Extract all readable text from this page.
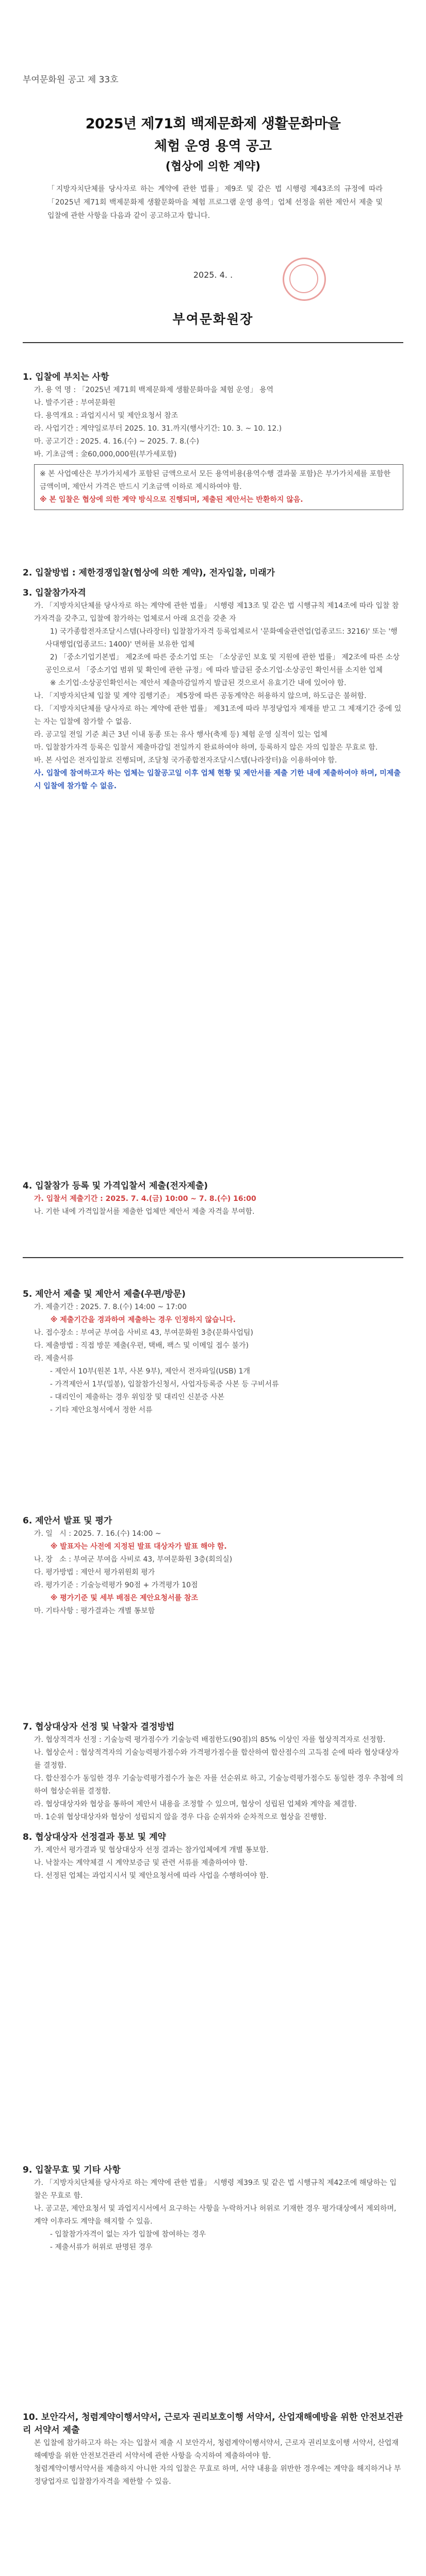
부여문화원 공고 제 33호
2025년 제71회 백제문화제 생활문화마을
체험 운영 용역 공고
(협상에 의한 계약)
「지방자치단체를 당사자로 하는 계약에 관한 법률」제9조 및 같은 법 시행령 제43조의 규정에 따라 「2025년 제71회 백제문화제 생활문화마을 체험 프로그램 운영 용역」업체 선정을 위한 제안서 제출 및 입찰에 관한 사항을 다음과 같이 공고하고자 합니다.
2025. 4. .
부여문화원장

1. 입찰에 부치는 사항

가. 용 역 명 : 「2025년 제71회 백제문화제 생활문화마을 체험 운영」 용역

나. 발주기관 : 부여문화원

다. 용역개요 : 과업지시서 및 제안요청서 참조

라. 사업기간 : 계약일로부터 2025. 10. 31.까지(행사기간: 10. 3. ~ 10. 12.)

마. 공고기간 : 2025. 4. 16.(수) ~ 2025. 7. 8.(수)

바. 기초금액 : 金60,000,000원(부가세포함)

※ 본 사업예산은 부가가치세가 포함된 금액으로서 모든 용역비용(용역수행 결과물 포함)은 부가가치세를 포함한 금액이며, 제안서 가격은 반드시 기초금액 이하로 제시하여야 함.

※ 본 입찰은 협상에 의한 계약 방식으로 진행되며, 제출된 제안서는 반환하지 않음.

2. 입찰방법 : 제한경쟁입찰(협상에 의한 계약), 전자입찰, 미래가

3. 입찰참가자격

가. 「지방자치단체를 당사자로 하는 계약에 관한 법률」 시행령 제13조 및 같은 법 시행규칙 제14조에 따라 입찰 참가자격을 갖추고, 입찰에 참가하는 업체로서 아래 요건을 갖춘 자

1) 국가종합전자조달시스템(나라장터) 입찰참가자격 등록업체로서 '문화예술관련업(업종코드: 3216)' 또는 '행사대행업(업종코드: 1400)' 면허를 보유한 업체

2) 「중소기업기본법」 제2조에 따른 중소기업 또는 「소상공인 보호 및 지원에 관한 법률」 제2조에 따른 소상공인으로서 「중소기업 범위 및 확인에 관한 규정」에 따라 발급된 중소기업·소상공인 확인서를 소지한 업체

※ 소기업·소상공인확인서는 제안서 제출마감일까지 발급된 것으로서 유효기간 내에 있어야 함.

나. 「지방자치단체 입찰 및 계약 집행기준」 제5장에 따른 공동계약은 허용하지 않으며, 하도급은 불허함.

다. 「지방자치단체를 당사자로 하는 계약에 관한 법률」 제31조에 따라 부정당업자 제재를 받고 그 제재기간 중에 있는 자는 입찰에 참가할 수 없음.

라. 공고일 전일 기준 최근 3년 이내 동종 또는 유사 행사(축제 등) 체험 운영 실적이 있는 업체

마. 입찰참가자격 등록은 입찰서 제출마감일 전일까지 완료하여야 하며, 등록하지 않은 자의 입찰은 무효로 함.

바. 본 사업은 전자입찰로 진행되며, 조달청 국가종합전자조달시스템(나라장터)을 이용하여야 함.

사. 입찰에 참여하고자 하는 업체는 입찰공고일 이후 업체 현황 및 제안서를 제출 기한 내에 제출하여야 하며, 미제출 시 입찰에 참가할 수 없음.

4. 입찰참가 등록 및 가격입찰서 제출(전자제출)

가. 입찰서 제출기간 : 2025. 7. 4.(금) 10:00 ~ 7. 8.(수) 16:00

나. 기한 내에 가격입찰서를 제출한 업체만 제안서 제출 자격을 부여함.

5. 제안서 제출 및 제안서 제출(우편/방문)

가. 제출기간 : 2025. 7. 8.(수) 14:00 ~ 17:00

※ 제출기간을 경과하여 제출하는 경우 인정하지 않습니다.

나. 접수장소 : 부여군 부여읍 사비로 43, 부여문화원 3층(문화사업팀)

다. 제출방법 : 직접 방문 제출(우편, 택배, 팩스 및 이메일 접수 불가)

라. 제출서류

- 제안서 10부(원본 1부, 사본 9부), 제안서 전자파일(USB) 1개

- 가격제안서 1부(밀봉), 입찰참가신청서, 사업자등록증 사본 등 구비서류

- 대리인이 제출하는 경우 위임장 및 대리인 신분증 사본

- 기타 제안요청서에서 정한 서류

6. 제안서 발표 및 평가

가. 일   시 : 2025. 7. 16.(수) 14:00 ~

※ 발표자는 사전에 지정된 발표 대상자가 발표 해야 함.

나. 장   소 : 부여군 부여읍 사비로 43, 부여문화원 3층(회의실)

다. 평가방법 : 제안서 평가위원회 평가

라. 평가기준 : 기술능력평가 90점 + 가격평가 10점

※ 평가기준 및 세부 배점은 제안요청서를 참조

마. 기타사항 : 평가결과는 개별 통보함

7. 협상대상자 선정 및 낙찰자 결정방법

가. 협상적격자 선정 : 기술능력 평가점수가 기술능력 배점한도(90점)의 85% 이상인 자를 협상적격자로 선정함.

나. 협상순서 : 협상적격자의 기술능력평가점수와 가격평가점수를 합산하여 합산점수의 고득점 순에 따라 협상대상자를 결정함.

다. 합산점수가 동일한 경우 기술능력평가점수가 높은 자를 선순위로 하고, 기술능력평가점수도 동일한 경우 추첨에 의하여 협상순위를 결정함.

라. 협상대상자와 협상을 통하여 제안서 내용을 조정할 수 있으며, 협상이 성립된 업체와 계약을 체결함.

마. 1순위 협상대상자와 협상이 성립되지 않을 경우 다음 순위자와 순차적으로 협상을 진행함.

8. 협상대상자 선정결과 통보 및 계약

가. 제안서 평가결과 및 협상대상자 선정 결과는 참가업체에게 개별 통보함.

나. 낙찰자는 계약체결 시 계약보증금 및 관련 서류를 제출하여야 함.

다. 선정된 업체는 과업지시서 및 제안요청서에 따라 사업을 수행하여야 함.

9. 입찰무효 및 기타 사항

가. 「지방자치단체를 당사자로 하는 계약에 관한 법률」 시행령 제39조 및 같은 법 시행규칙 제42조에 해당하는 입찰은 무효로 함.

나. 공고문, 제안요청서 및 과업지시서에서 요구하는 사항을 누락하거나 허위로 기재한 경우 평가대상에서 제외하며, 계약 이후라도 계약을 해지할 수 있음.

- 입찰참가자격이 없는 자가 입찰에 참여하는 경우

- 제출서류가 허위로 판명된 경우

10. 보안각서, 청렴계약이행서약서, 근로자 권리보호이행 서약서, 산업재해예방을 위한 안전보건관리 서약서 제출

본 입찰에 참가하고자 하는 자는 입찰서 제출 시 보안각서, 청렴계약이행서약서, 근로자 권리보호이행 서약서, 산업재해예방을 위한 안전보건관리 서약서에 관한 사항을 숙지하여 제출하여야 함.

청렴계약이행서약서를 제출하지 아니한 자의 입찰은 무효로 하며, 서약 내용을 위반한 경우에는 계약을 해지하거나 부정당업자로 입찰참가자격을 제한할 수 있음.
